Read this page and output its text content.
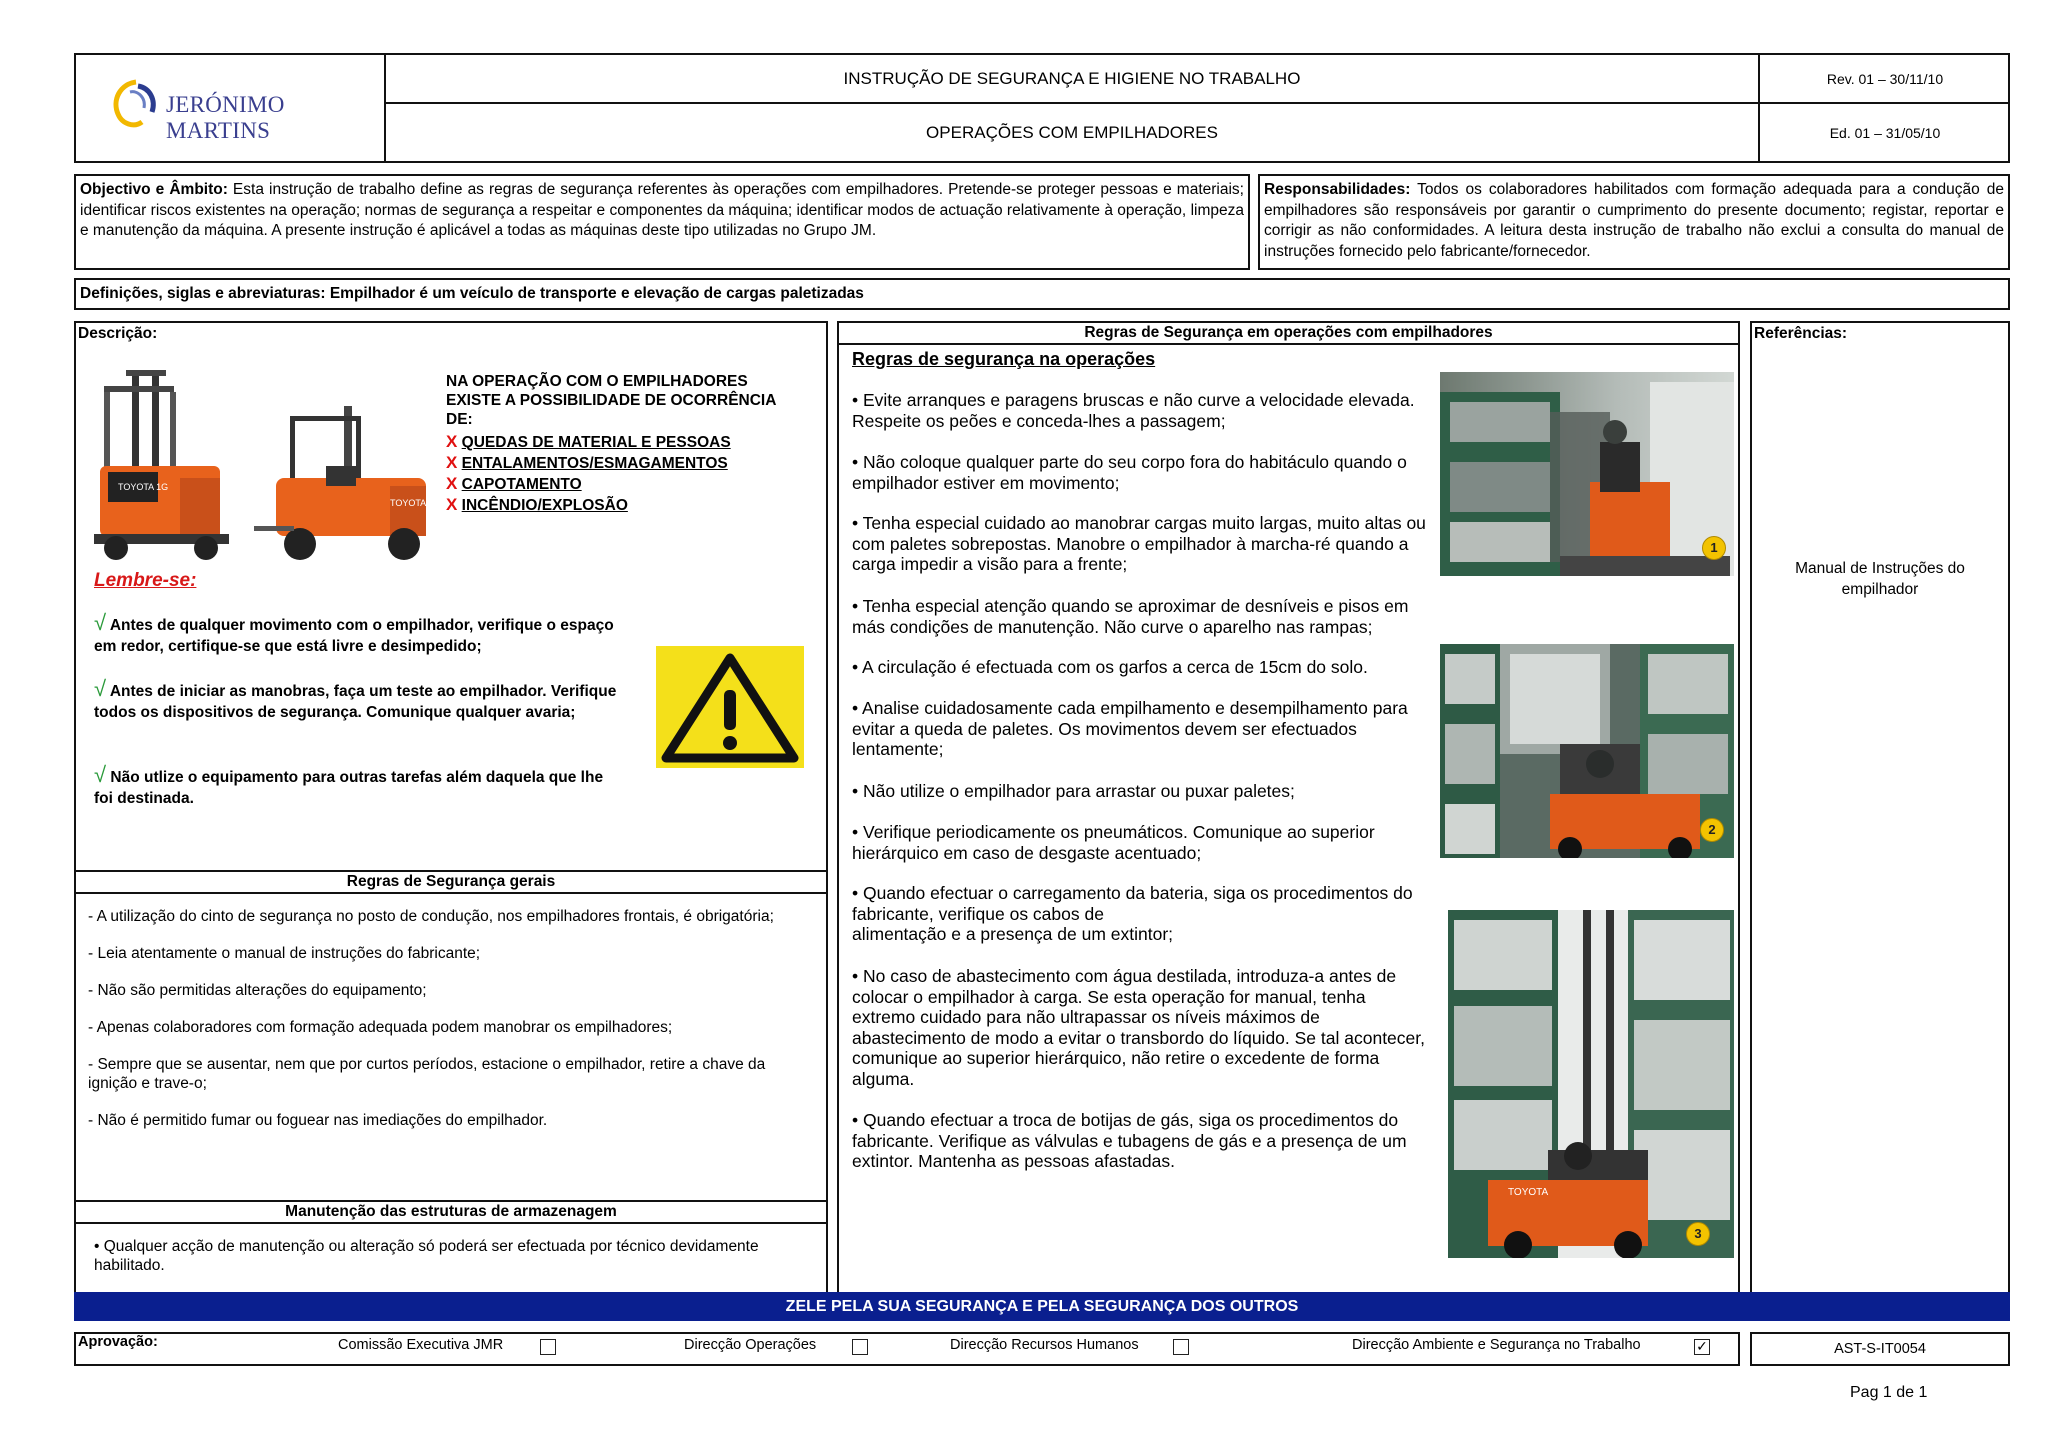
JERÓNIMO MARTINS
INSTRUÇÃO DE SEGURANÇA E HIGIENE NO TRABALHO
OPERAÇÕES COM EMPILHADORES
Rev. 01 – 30/11/10
Ed. 01 – 31/05/10
Objectivo e Âmbito: Esta instrução de trabalho define as regras de segurança referentes às operações com empilhadores. Pretende-se proteger pessoas e materiais; identificar riscos existentes na operação; normas de segurança a respeitar e componentes da máquina; identificar modos de actuação relativamente à operação, limpeza e manutenção da máquina. A presente instrução é aplicável a todas as máquinas deste tipo utilizadas no Grupo JM.
Responsabilidades: Todos os colaboradores habilitados com formação adequada para a condução de empilhadores são responsáveis por garantir o cumprimento do presente documento; registar, reportar e corrigir as não conformidades. A leitura desta instrução de trabalho não exclui a consulta do manual de instruções fornecido pelo fabricante/fornecedor.
Definições, siglas e abreviaturas: Empilhador é um veículo de transporte e elevação de cargas paletizadas
Descrição:
TOYOTA 1G
TOYOTA
NA OPERAÇÃO COM O EMPILHADORES EXISTE A POSSIBILIDADE DE OCORRÊNCIA DE:
X QUEDAS DE MATERIAL E PESSOAS
X ENTALAMENTOS/ESMAGAMENTOS
X CAPOTAMENTO
X INCÊNDIO/EXPLOSÃO
Lembre-se:
√ Antes de qualquer movimento com o empilhador, verifique o espaço em redor, certifique-se que está livre e desimpedido;
√ Antes de iniciar as manobras, faça um teste ao empilhador. Verifique todos os dispositivos de segurança. Comunique qualquer avaria;
√ Não utlize o equipamento para outras tarefas além daquela que lhe foi destinada.
Regras de Segurança gerais
- A utilização do cinto de segurança no posto de condução, nos empilhadores frontais, é obrigatória;
- Leia atentamente o manual de instruções do fabricante;
- Não são permitidas alterações do equipamento;
- Apenas colaboradores com formação adequada podem manobrar os empilhadores;
- Sempre que se ausentar, nem que por curtos períodos, estacione o empilhador, retire a chave da ignição e trave-o;
- Não é permitido fumar ou foguear nas imediações do empilhador.
Manutenção das estruturas de armazenagem
• Qualquer acção de manutenção ou alteração só poderá ser efectuada por técnico devidamente habilitado.
Regras de Segurança em operações com empilhadores
Regras de segurança na operações
• Evite arranques e paragens bruscas e não curve a velocidade elevada. Respeite os peões e conceda-lhes a passagem;
• Não coloque qualquer parte do seu corpo fora do habitáculo quando o empilhador estiver em movimento;
• Tenha especial cuidado ao manobrar cargas muito largas, muito altas ou com paletes sobrepostas. Manobre o empilhador à marcha-ré quando a carga impedir a visão para a frente;
• Tenha especial atenção quando se aproximar de desníveis e pisos em más condições de manutenção. Não curve o aparelho nas rampas;
• A circulação é efectuada com os garfos a cerca de 15cm do solo.
• Analise cuidadosamente cada empilhamento e desempilhamento para evitar a queda de paletes. Os movimentos devem ser efectuados lentamente;
• Não utilize o empilhador para arrastar ou puxar paletes;
• Verifique periodicamente os pneumáticos. Comunique ao superior hierárquico em caso de desgaste acentuado;
• Quando efectuar o carregamento da bateria, siga os procedimentos do fabricante, verifique os cabos de
alimentação e a presença de um extintor;
• No caso de abastecimento com água destilada, introduza-a antes de colocar o empilhador à carga. Se esta operação for manual, tenha extremo cuidado para não ultrapassar os níveis máximos de abastecimento de modo a evitar o transbordo do líquido. Se tal acontecer, comunique ao superior hierárquico, não retire o excedente de forma alguma.
• Quando efectuar a troca de botijas de gás, siga os procedimentos do fabricante. Verifique as válvulas e tubagens de gás e a presença de um extintor. Mantenha as pessoas afastadas.
1
2
TOYOTA
3
Referências:
Manual de Instruções do empilhador
ZELE PELA SUA SEGURANÇA E PELA SEGURANÇA DOS OUTROS
Aprovação:	Comissão Executiva JMR	Direcção Operações	Direcção Recursos Humanos	Direcção Ambiente e Segurança no Trabalho	✓	AST-S-IT0054
Pag 1 de 1
